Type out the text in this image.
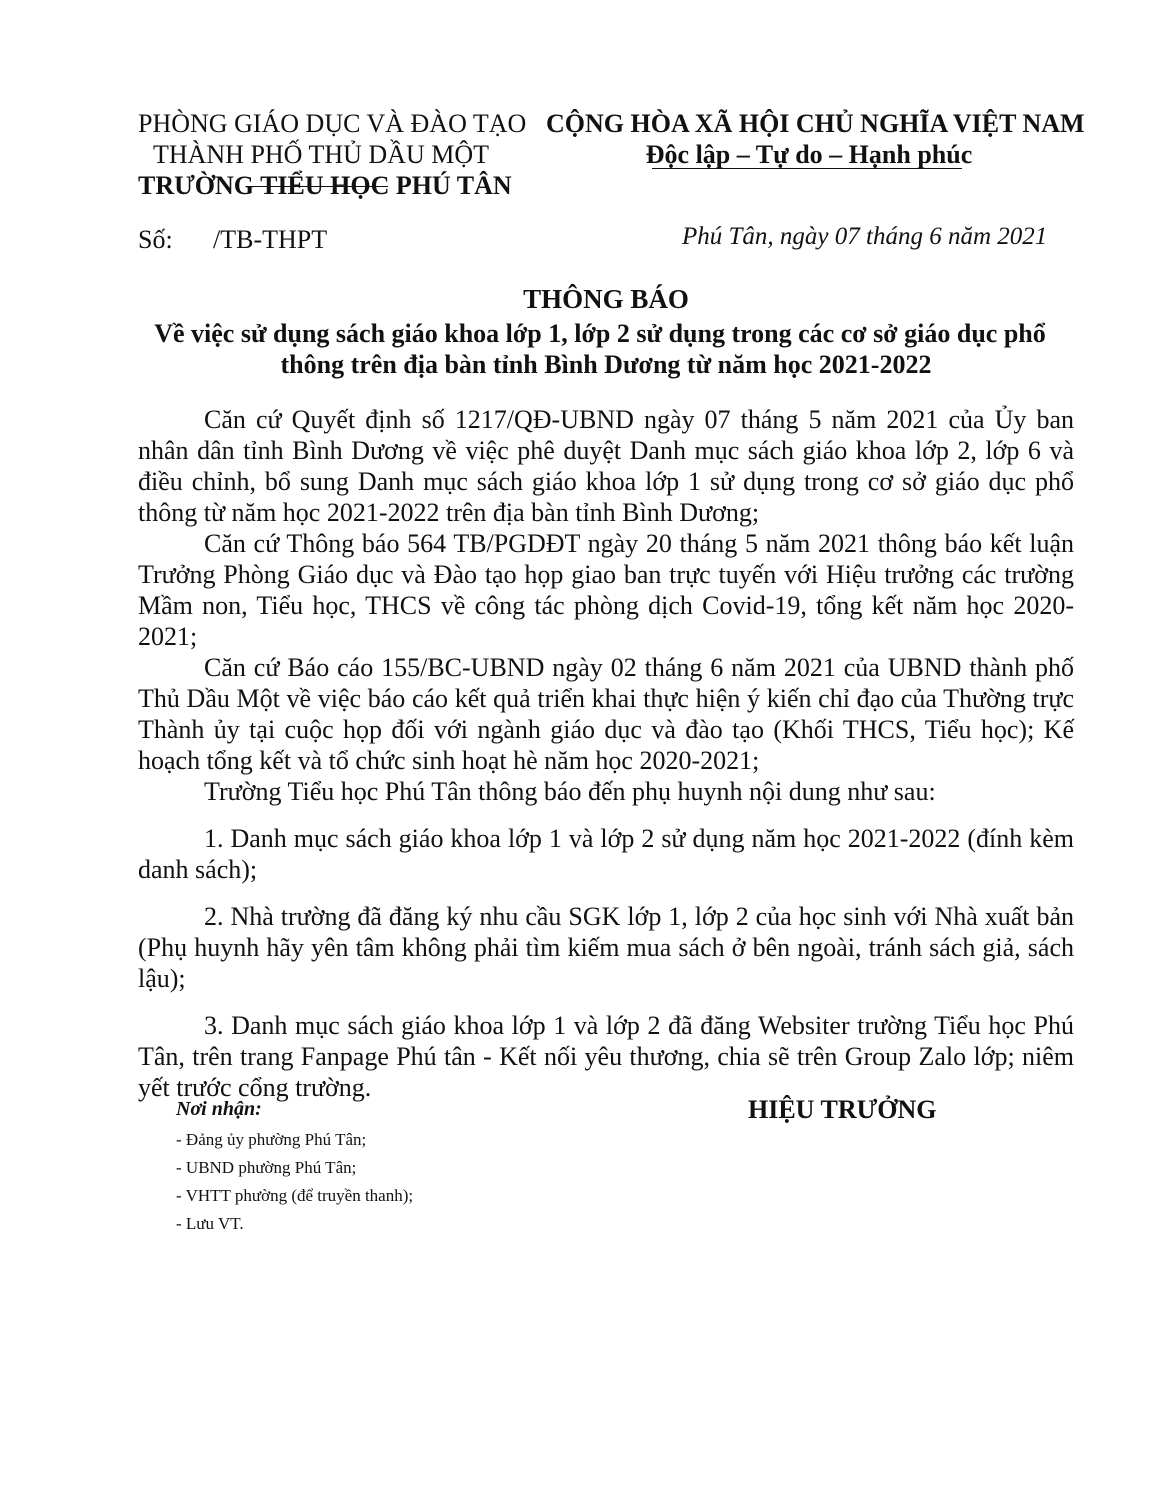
PHÒNG GIÁO DỤC VÀ ĐÀO TẠO
THÀNH PHỐ THỦ DẦU MỘT
TRƯỜNG TIỂU HỌC PHÚ TÂN
CỘNG HÒA XÃ HỘI CHỦ NGHĨA VIỆT NAM
Độc lập – Tự do – Hạnh phúc
Số: /TB-THPT	Phú Tân, ngày 07 tháng 6 năm 2021
THÔNG BÁO
Về việc sử dụng sách giáo khoa lớp 1, lớp 2 sử dụng trong các cơ sở giáo dục phổ
thông trên địa bàn tỉnh Bình Dương từ năm học 2021-2022

Căn cứ Quyết định số 1217/QĐ-UBND ngày 07 tháng 5 năm 2021 của Ủy ban nhân dân tỉnh Bình Dương về việc phê duyệt Danh mục sách giáo khoa lớp 2, lớp 6 và điều chỉnh, bổ sung Danh mục sách giáo khoa lớp 1 sử dụng trong cơ sở giáo dục phổ thông từ năm học 2021-2022 trên địa bàn tỉnh Bình Dương;

Căn cứ Thông báo 564 TB/PGDĐT ngày 20 tháng 5 năm 2021 thông báo kết luận Trưởng Phòng Giáo dục và Đào tạo họp giao ban trực tuyến với Hiệu trưởng các trường Mầm non, Tiểu học, THCS về công tác phòng dịch Covid-19, tổng kết năm học 2020-2021;

Căn cứ Báo cáo 155/BC-UBND ngày 02 tháng 6 năm 2021 của UBND thành phố Thủ Dầu Một về việc báo cáo kết quả triển khai thực hiện ý kiến chỉ đạo của Thường trực Thành ủy tại cuộc họp đối với ngành giáo dục và đào tạo (Khối THCS, Tiểu học); Kế hoạch tổng kết và tổ chức sinh hoạt hè năm học 2020-2021;

Trường Tiểu học Phú Tân thông báo đến phụ huynh nội dung như sau:

1. Danh mục sách giáo khoa lớp 1 và lớp 2 sử dụng năm học 2021-2022 (đính kèm danh sách);

2. Nhà trường đã đăng ký nhu cầu SGK lớp 1, lớp 2 của học sinh với Nhà xuất bản (Phụ huynh hãy yên tâm không phải tìm kiếm mua sách ở bên ngoài, tránh sách giả, sách lậu);

3. Danh mục sách giáo khoa lớp 1 và lớp 2 đã đăng Websiter trường Tiểu học Phú Tân, trên trang Fanpage Phú tân - Kết nối yêu thương, chia sẽ trên Group Zalo lớp; niêm yết trước cổng trường.

Nơi nhận:
- Đảng ủy phường Phú Tân;
- UBND phường Phú Tân;
- VHTT phường (để truyền thanh);
- Lưu VT.
HIỆU TRƯỞNG
